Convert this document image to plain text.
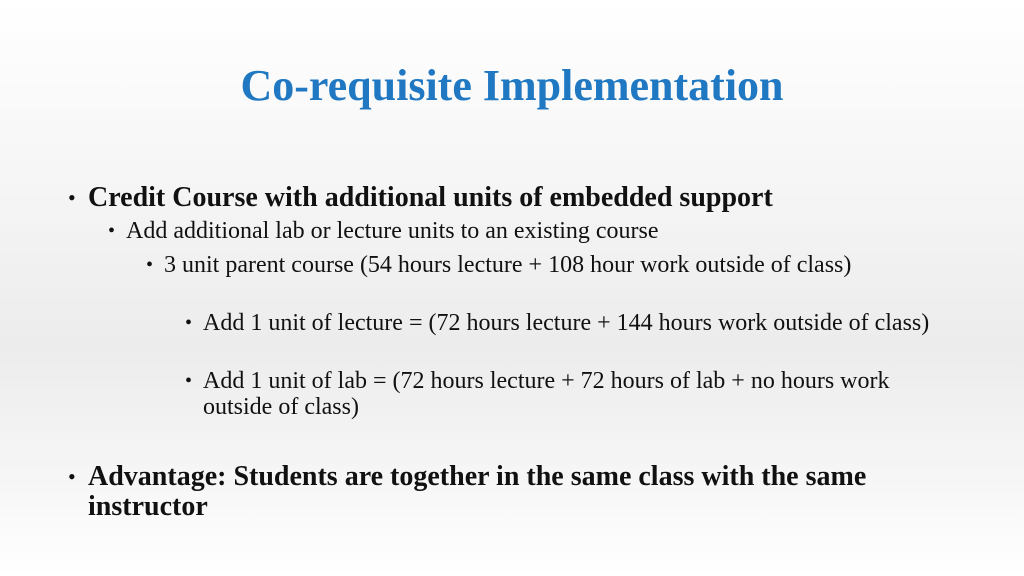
Co-requisite Implementation
• Credit Course with additional units of embedded support
• Add additional lab or lecture units to an existing course
• 3 unit parent course (54 hours lecture + 108 hour work outside of class)
• Add 1 unit of lecture = (72 hours lecture + 144 hours work outside of class)
• Add 1 unit of lab = (72 hours lecture + 72 hours of lab + no hours work outside of class)
• Advantage: Students are together in the same class with the same instructor
